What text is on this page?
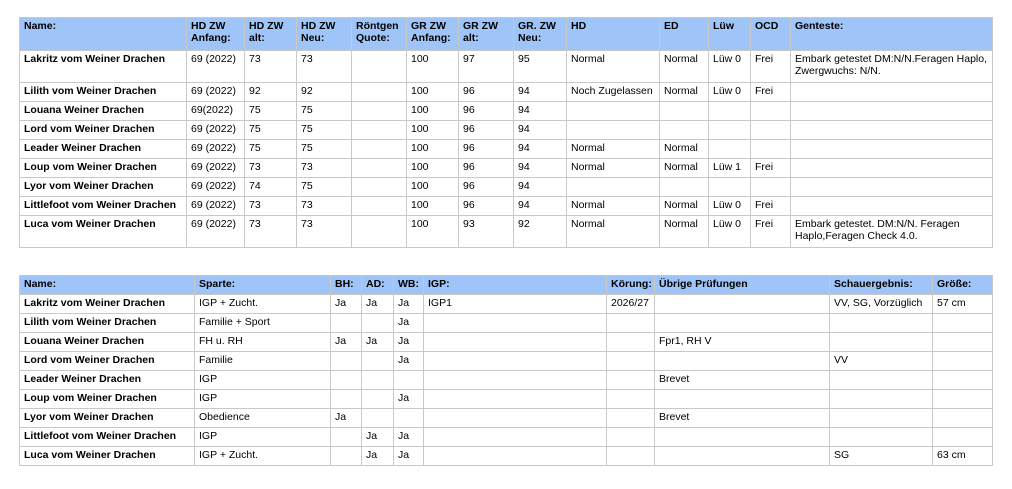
Name:	HD ZW Anfang:	HD ZW alt:	HD ZW Neu:	Röntgen Quote:	GR ZW Anfang:	GR ZW alt:	GR. ZW Neu:	HD	ED	Lüw	OCD	Genteste:
Lakritz vom Weiner Drachen	69 (2022)	73	73		100	97	95	Normal	Normal	Lüw 0	Frei	Embark getestet DM:N/N.Feragen Haplo, Zwergwuchs: N/N.
Lilith vom Weiner Drachen	69 (2022)	92	92		100	96	94	Noch Zugelassen	Normal	Lüw 0	Frei	
Louana Weiner Drachen	69(2022)	75	75		100	96	94					
Lord vom Weiner Drachen	69 (2022)	75	75		100	96	94					
Leader Weiner Drachen	69 (2022)	75	75		100	96	94	Normal	Normal			
Loup vom Weiner Drachen	69 (2022)	73	73		100	96	94	Normal	Normal	Lüw 1	Frei	
Lyor vom Weiner Drachen	69 (2022)	74	75		100	96	94					
Littlefoot vom Weiner Drachen	69 (2022)	73	73		100	96	94	Normal	Normal	Lüw 0	Frei	
Luca vom Weiner Drachen	69 (2022)	73	73		100	93	92	Normal	Normal	Lüw 0	Frei	Embark getestet. DM:N/N. Feragen Haplo,Feragen Check 4.0.
Name:	Sparte:	BH:	AD:	WB:	IGP:	Körung:	Übrige Prüfungen	Schauergebnis:	Größe:
Lakritz vom Weiner Drachen	IGP + Zucht.	Ja	Ja	Ja	IGP1	2026/27		VV, SG, Vorzüglich	57 cm
Lilith vom Weiner Drachen	Familie + Sport			Ja					
Louana Weiner Drachen	FH u. RH	Ja	Ja	Ja			Fpr1, RH V		
Lord vom Weiner Drachen	Familie			Ja				VV	
Leader Weiner Drachen	IGP						Brevet		
Loup vom Weiner Drachen	IGP			Ja					
Lyor vom Weiner Drachen	Obedience	Ja					Brevet		
Littlefoot vom Weiner Drachen	IGP		Ja	Ja					
Luca vom Weiner Drachen	IGP + Zucht.		Ja	Ja				SG	63 cm
